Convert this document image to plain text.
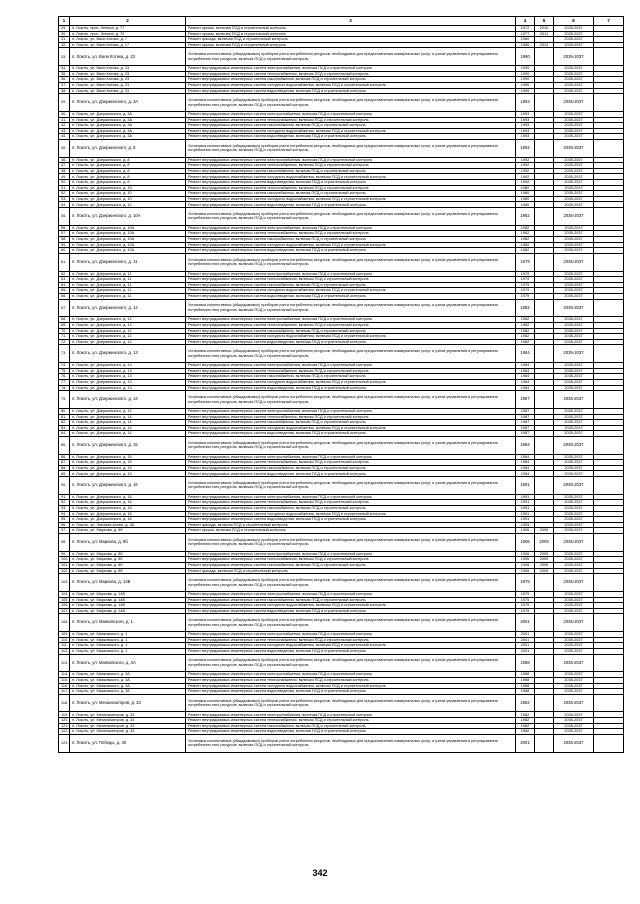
1	2	3	4	5	6	7
29.	п. Локоть, прсп. Ленина, д. 77	Ремонт крыши, включая ПСД и строительный контроль	1972	2010	2035-2037	
30.	п. Локоть, прсп. Ленина, д. 79	Ремонт крыши, включая ПСД и строительный контроль	1977	2011	2035-2037	
31.	п. Локоть, ул. Вали Котика, д. 7	Ремонт фасада, включая ПСД и строительный контроль	1960		2035-2037	
32.	п. Локоть, ул. Вали Котика, д. 17	Ремонт крыши, включая ПСД и строительный контроль	1980	2012	2035-2037	
33.	п. Локоть, ул. Вали Котика, д. 23	Установка коллективных (общедомовых) приборов учета потребления ресурсов, необходимых для предоставления коммунальных услуг, и узлов управления и регулирования потребления этих ресурсов, включая ПСД и строительный контроль	1990		2035-2037	
34.	п. Локоть, ул. Вали Котика, д. 23	Ремонт внутридомовых инженерных систем электроснабжения, включая ПСД и строительный контроль	1990		2035-2037	
35.	п. Локоть, ул. Вали Котика, д. 23	Ремонт внутридомовых инженерных систем теплоснабжения, включая ПСД и строительный контроль	1990		2035-2037	
36.	п. Локоть, ул. Вали Котика, д. 23	Ремонт внутридомовых инженерных систем газоснабжения, включая ПСД и строительный контроль	1990		2035-2037	
37.	п. Локоть, ул. Вали Котика, д. 23	Ремонт внутридомовых инженерных систем холодного водоснабжения, включая ПСД и строительный контроль	1990		2035-2037	
38.	п. Локоть, ул. Вали Котика, д. 23	Ремонт внутридомовых инженерных систем водоотведения, включая ПСД и строительный контроль	1990		2035-2037	
39.	п. Локоть, ул. Дзержинского, д. 3А	Установка коллективных (общедомовых) приборов учета потребления ресурсов, необходимых для предоставления коммунальных услуг, и узлов управления и регулирования потребления этих ресурсов, включая ПСД и строительный контроль	1993		2035-2037	
40.	п. Локоть, ул. Дзержинского, д. 3А	Ремонт внутридомовых инженерных систем электроснабжения, включая ПСД и строительный контроль	1993		2035-2037	
41.	п. Локоть, ул. Дзержинского, д. 3А	Ремонт внутридомовых инженерных систем теплоснабжения, включая ПСД и строительный контроль	1993		2035-2037	
42.	п. Локоть, ул. Дзержинского, д. 3А	Ремонт внутридомовых инженерных систем газоснабжения, включая ПСД и строительный контроль	1993		2035-2037	
43.	п. Локоть, ул. Дзержинского, д. 3А	Ремонт внутридомовых инженерных систем холодного водоснабжения, включая ПСД и строительный контроль	1993		2035-2037	
44.	п. Локоть, ул. Дзержинского, д. 3А	Ремонт внутридомовых инженерных систем водоотведения, включая ПСД и строительный контроль	1993		2035-2037	
45.	п. Локоть, ул. Дзержинского, д. 8	Установка коллективных (общедомовых) приборов учета потребления ресурсов, необходимых для предоставления коммунальных услуг, и узлов управления и регулирования потребления этих ресурсов, включая ПСД и строительный контроль	1992		2035-2037	
46.	п. Локоть, ул. Дзержинского, д. 8	Ремонт внутридомовых инженерных систем электроснабжения, включая ПСД и строительный контроль	1992		2035-2037	
47.	п. Локоть, ул. Дзержинского, д. 8	Ремонт внутридомовых инженерных систем теплоснабжения, включая ПСД и строительный контроль	1992		2035-2037	
48.	п. Локоть, ул. Дзержинского, д. 8	Ремонт внутридомовых инженерных систем газоснабжения, включая ПСД и строительный контроль	1992		2035-2037	
49.	п. Локоть, ул. Дзержинского, д. 8	Ремонт внутридомовых инженерных систем холодного водоснабжения, включая ПСД и строительный контроль	1992		2035-2037	
50.	п. Локоть, ул. Дзержинского, д. 8	Ремонт внутридомовых инженерных систем водоотведения, включая ПСД и строительный контроль	1992		2035-2037	
51.	п. Локоть, ул. Дзержинского, д. 10	Ремонт внутридомовых инженерных систем теплоснабжения, включая ПСД и строительный контроль	1980		2035-2037	
52.	п. Локоть, ул. Дзержинского, д. 10	Ремонт внутридомовых инженерных систем газоснабжения, включая ПСД и строительный контроль	1980		2035-2037	
53.	п. Локоть, ул. Дзержинского, д. 10	Ремонт внутридомовых инженерных систем холодного водоснабжения, включая ПСД и строительный контроль	1980		2035-2037	
54.	п. Локоть, ул. Дзержинского, д. 10	Ремонт внутридомовых инженерных систем водоотведения, включая ПСД и строительный контроль	1980		2035-2037	
55.	п. Локоть, ул. Дзержинского, д. 10А	Установка коллективных (общедомовых) приборов учета потребления ресурсов, необходимых для предоставления коммунальных услуг, и узлов управления и регулирования потребления этих ресурсов, включая ПСД и строительный контроль	1982		2035-2037	
56.	п. Локоть, ул. Дзержинского, д. 10А	Ремонт внутридомовых инженерных систем электроснабжения, включая ПСД и строительный контроль	1982		2035-2037	
57.	п. Локоть, ул. Дзержинского, д. 10А	Ремонт внутридомовых инженерных систем теплоснабжения, включая ПСД и строительный контроль	1982		2035-2037	
58.	п. Локоть, ул. Дзержинского, д. 10А	Ремонт внутридомовых инженерных систем газоснабжения, включая ПСД и строительный контроль	1982		2035-2037	
59.	п. Локоть, ул. Дзержинского, д. 10А	Ремонт внутридомовых инженерных систем холодного водоснабжения, включая ПСД и строительный контроль	1982		2035-2037	
60.	п. Локоть, ул. Дзержинского, д. 10А	Ремонт внутридомовых инженерных систем водоотведения, включая ПСД и строительный контроль	1982		2035-2037	
61.	п. Локоть, ул. Дзержинского, д. 11	Установка коллективных (общедомовых) приборов учета потребления ресурсов, необходимых для предоставления коммунальных услуг, и узлов управления и регулирования потребления этих ресурсов, включая ПСД и строительный контроль	1979		2035-2037	
62.	п. Локоть, ул. Дзержинского, д. 11	Ремонт внутридомовых инженерных систем электроснабжения, включая ПСД и строительный контроль	1979		2035-2037	
63.	п. Локоть, ул. Дзержинского, д. 11	Ремонт внутридомовых инженерных систем теплоснабжения, включая ПСД и строительный контроль	1979		2035-2037	
64.	п. Локоть, ул. Дзержинского, д. 11	Ремонт внутридомовых инженерных систем газоснабжения, включая ПСД и строительный контроль	1979		2035-2037	
65.	п. Локоть, ул. Дзержинского, д. 11	Ремонт внутридомовых инженерных систем холодного водоснабжения, включая ПСД и строительный контроль	1979		2035-2037	
66.	п. Локоть, ул. Дзержинского, д. 11	Ремонт внутридомовых инженерных систем водоотведения, включая ПСД и строительный контроль	1979		2035-2037	
67.	п. Локоть, ул. Дзержинского, д. 12	Установка коллективных (общедомовых) приборов учета потребления ресурсов, необходимых для предоставления коммунальных услуг, и узлов управления и регулирования потребления этих ресурсов, включая ПСД и строительный контроль	1982		2035-2037	
68.	п. Локоть, ул. Дзержинского, д. 12	Ремонт внутридомовых инженерных систем электроснабжения, включая ПСД и строительный контроль	1982		2035-2037	
69.	п. Локоть, ул. Дзержинского, д. 12	Ремонт внутридомовых инженерных систем теплоснабжения, включая ПСД и строительный контроль	1982		2035-2037	
70.	п. Локоть, ул. Дзержинского, д. 12	Ремонт внутридомовых инженерных систем газоснабжения, включая ПСД и строительный контроль	1982		2035-2037	
71.	п. Локоть, ул. Дзержинского, д. 12	Ремонт внутридомовых инженерных систем холодного водоснабжения, включая ПСД и строительный контроль	1982		2035-2037	
72.	п. Локоть, ул. Дзержинского, д. 12	Ремонт внутридомовых инженерных систем водоотведения, включая ПСД и строительный контроль	1982		2035-2037	
73.	п. Локоть, ул. Дзержинского, д. 13	Установка коллективных (общедомовых) приборов учета потребления ресурсов, необходимых для предоставления коммунальных услуг, и узлов управления и регулирования потребления этих ресурсов, включая ПСД и строительный контроль	1984		2035-2037	
74.	п. Локоть, ул. Дзержинского, д. 13	Ремонт внутридомовых инженерных систем электроснабжения, включая ПСД и строительный контроль	1984		2035-2037	
75.	п. Локоть, ул. Дзержинского, д. 13	Ремонт внутридомовых инженерных систем теплоснабжения, включая ПСД и строительный контроль	1984		2035-2037	
76.	п. Локоть, ул. Дзержинского, д. 13	Ремонт внутридомовых инженерных систем газоснабжения, включая ПСД и строительный контроль	1984		2035-2037	
77.	п. Локоть, ул. Дзержинского, д. 13	Ремонт внутридомовых инженерных систем холодного водоснабжения, включая ПСД и строительный контроль	1984		2035-2037	
78.	п. Локоть, ул. Дзержинского, д. 13	Ремонт внутридомовых инженерных систем водоотведения, включая ПСД и строительный контроль	1984		2035-2037	
79.	п. Локоть, ул. Дзержинского, д. 14	Установка коллективных (общедомовых) приборов учета потребления ресурсов, необходимых для предоставления коммунальных услуг, и узлов управления и регулирования потребления этих ресурсов, включая ПСД и строительный контроль	1987		2035-2037	
80.	п. Локоть, ул. Дзержинского, д. 14	Ремонт внутридомовых инженерных систем электроснабжения, включая ПСД и строительный контроль	1987		2035-2037	
81.	п. Локоть, ул. Дзержинского, д. 14	Ремонт внутридомовых инженерных систем теплоснабжения, включая ПСД и строительный контроль	1987		2035-2037	
82.	п. Локоть, ул. Дзержинского, д. 14	Ремонт внутридомовых инженерных систем газоснабжения, включая ПСД и строительный контроль	1987		2035-2037	
83.	п. Локоть, ул. Дзержинского, д. 14	Ремонт внутридомовых инженерных систем холодного водоснабжения, включая ПСД и строительный контроль	1987		2035-2037	
84.	п. Локоть, ул. Дзержинского, д. 14	Ремонт внутридомовых инженерных систем водоотведения, включая ПСД и строительный контроль	1987		2035-2037	
85.	п. Локоть, ул. Дзержинского, д. 15	Установка коллективных (общедомовых) приборов учета потребления ресурсов, необходимых для предоставления коммунальных услуг, и узлов управления и регулирования потребления этих ресурсов, включая ПСД и строительный контроль	1984		2035-2037	
86.	п. Локоть, ул. Дзержинского, д. 15	Ремонт внутридомовых инженерных систем электроснабжения, включая ПСД и строительный контроль	1984		2035-2037	
87.	п. Локоть, ул. Дзержинского, д. 15	Ремонт внутридомовых инженерных систем теплоснабжения, включая ПСД и строительный контроль	1984		2035-2037	
88.	п. Локоть, ул. Дзержинского, д. 15	Ремонт внутридомовых инженерных систем газоснабжения, включая ПСД и строительный контроль	1984		2035-2037	
89.	п. Локоть, ул. Дзержинского, д. 15	Ремонт внутридомовых инженерных систем водоотведения, включая ПСД и строительный контроль	1984		2035-2037	
90.	п. Локоть, ул. Дзержинского, д. 16	Установка коллективных (общедомовых) приборов учета потребления ресурсов, необходимых для предоставления коммунальных услуг, и узлов управления и регулирования потребления этих ресурсов, включая ПСД и строительный контроль	1991		2035-2037	
91.	п. Локоть, ул. Дзержинского, д. 16	Ремонт внутридомовых инженерных систем электроснабжения, включая ПСД и строительный контроль	1991		2035-2037	
92.	п. Локоть, ул. Дзержинского, д. 16	Ремонт внутридомовых инженерных систем теплоснабжения, включая ПСД и строительный контроль	1991		2035-2037	
93.	п. Локоть, ул. Дзержинского, д. 16	Ремонт внутридомовых инженерных систем газоснабжения, включая ПСД и строительный контроль	1991		2035-2037	
94.	п. Локоть, ул. Дзержинского, д. 16	Ремонт внутридомовых инженерных систем холодного водоснабжения, включая ПСД и строительный контроль	1991		2035-2037	
95.	п. Локоть, ул. Дзержинского, д. 16	Ремонт внутридомовых инженерных систем водоотведения, включая ПСД и строительный контроль	1991		2035-2037	
96.	п. Локоть, ул. Липовая аллея, д. 48	Ремонт фасада, включая ПСД и строительный контроль	1953		2035-2037	
97.	п. Локоть, ул. Маркова, д. 8б	Ремонт крыши, включая ПСД и строительный контроль	1906	2009	2035-2037	
98.	п. Локоть, ул. Маркова, д. 8б	Установка коллективных (общедомовых) приборов учета потребления ресурсов, необходимых для предоставления коммунальных услуг, и узлов управления и регулирования потребления этих ресурсов, включая ПСД и строительный контроль	1906	2009	2035-2037	
99.	п. Локоть, ул. Маркова, д. 8б	Ремонт внутридомовых инженерных систем электроснабжения, включая ПСД и строительный контроль	1906	2009	2035-2037	
100.	п. Локоть, ул. Маркова, д. 8б	Ремонт внутридомовых инженерных систем теплоснабжения, включая ПСД и строительный контроль	1906	2009	2035-2037	
101.	п. Локоть, ул. Маркова, д. 8б	Ремонт внутридомовых инженерных систем газоснабжения, включая ПСД и строительный контроль	1906	2009	2035-2037	
102.	п. Локоть, ул. Маркова, д. 8б	Ремонт фасада, включая ПСД и строительный контроль	1906	2009	2035-2037	
103.	п. Локоть, ул. Маркова, д. 14В	Установка коллективных (общедомовых) приборов учета потребления ресурсов, необходимых для предоставления коммунальных услуг, и узлов управления и регулирования потребления этих ресурсов, включая ПСД и строительный контроль	1975		2035-2037	
104.	п. Локоть, ул. Маркова, д. 14В	Ремонт внутридомовых инженерных систем электроснабжения, включая ПСД и строительный контроль	1975		2035-2037	
105.	п. Локоть, ул. Маркова, д. 14В	Ремонт внутридомовых инженерных систем газоснабжения, включая ПСД и строительный контроль	1975		2035-2037	
106.	п. Локоть, ул. Маркова, д. 14В	Ремонт внутридомовых инженерных систем холодного водоснабжения, включая ПСД и строительный контроль	1975		2035-2037	
107.	п. Локоть, ул. Маркова, д. 14В	Ремонт внутридомовых инженерных систем водоотведения, включая ПСД и строительный контроль	1975		2035-2037	
108.	п. Локоть, ул. Маяковского, д. 1	Установка коллективных (общедомовых) приборов учета потребления ресурсов, необходимых для предоставления коммунальных услуг, и узлов управления и регулирования потребления этих ресурсов, включая ПСД и строительный контроль	2001		2035-2037	
109.	п. Локоть, ул. Маяковского, д. 1	Ремонт внутридомовых инженерных систем электроснабжения, включая ПСД и строительный контроль	2001		2035-2037	
110.	п. Локоть, ул. Маяковского, д. 1	Ремонт внутридомовых инженерных систем теплоснабжения, включая ПСД и строительный контроль	2001		2035-2037	
111.	п. Локоть, ул. Маяковского, д. 1	Ремонт внутридомовых инженерных систем холодного водоснабжения, включая ПСД и строительный контроль	2001		2035-2037	
112.	п. Локоть, ул. Маяковского, д. 1	Ремонт внутридомовых инженерных систем водоотведения, включая ПСД и строительный контроль	2001		2035-2037	
113.	п. Локоть, ул. Маяковского, д. 3А	Установка коллективных (общедомовых) приборов учета потребления ресурсов, необходимых для предоставления коммунальных услуг, и узлов управления и регулирования потребления этих ресурсов, включая ПСД и строительный контроль	1988		2035-2037	
114.	п. Локоть, ул. Маяковского, д. 3А	Ремонт внутридомовых инженерных систем электроснабжения, включая ПСД и строительный контроль	1988		2035-2037	
115.	п. Локоть, ул. Маяковского, д. 3А	Ремонт внутридомовых инженерных систем теплоснабжения, включая ПСД и строительный контроль	1988		2035-2037	
116.	п. Локоть, ул. Маяковского, д. 3А	Ремонт внутридомовых инженерных систем холодного водоснабжения, включая ПСД и строительный контроль	1988		2035-2037	
117.	п. Локоть, ул. Маяковского, д. 3А	Ремонт внутридомовых инженерных систем водоотведения, включая ПСД и строительный контроль	1988		2035-2037	
118.	п. Локоть, ул. Механизаторов, д. 33	Установка коллективных (общедомовых) приборов учета потребления ресурсов, необходимых для предоставления коммунальных услуг, и узлов управления и регулирования потребления этих ресурсов, включая ПСД и строительный контроль	1982		2035-2037	
119.	п. Локоть, ул. Механизаторов, д. 33	Ремонт внутридомовых инженерных систем электроснабжения, включая ПСД и строительный контроль	1982		2035-2037	
120.	п. Локоть, ул. Механизаторов, д. 33	Ремонт внутридомовых инженерных систем теплоснабжения, включая ПСД и строительный контроль	1982		2035-2037	
121.	п. Локоть, ул. Механизаторов, д. 33	Ремонт внутридомовых инженерных систем газоснабжения, включая ПСД и строительный контроль	1982		2035-2037	
122.	п. Локоть, ул. Механизаторов, д. 33	Ремонт внутридомовых инженерных систем водоотведения, включая ПСД и строительный контроль	1982		2035-2037	
123.	п. Локоть, ул. Победы, д. 40	Установка коллективных (общедомовых) приборов учета потребления ресурсов, необходимых для предоставления коммунальных услуг, и узлов управления и регулирования потребления этих ресурсов, включая ПСД и строительный контроль	2001		2035-2037	
342
